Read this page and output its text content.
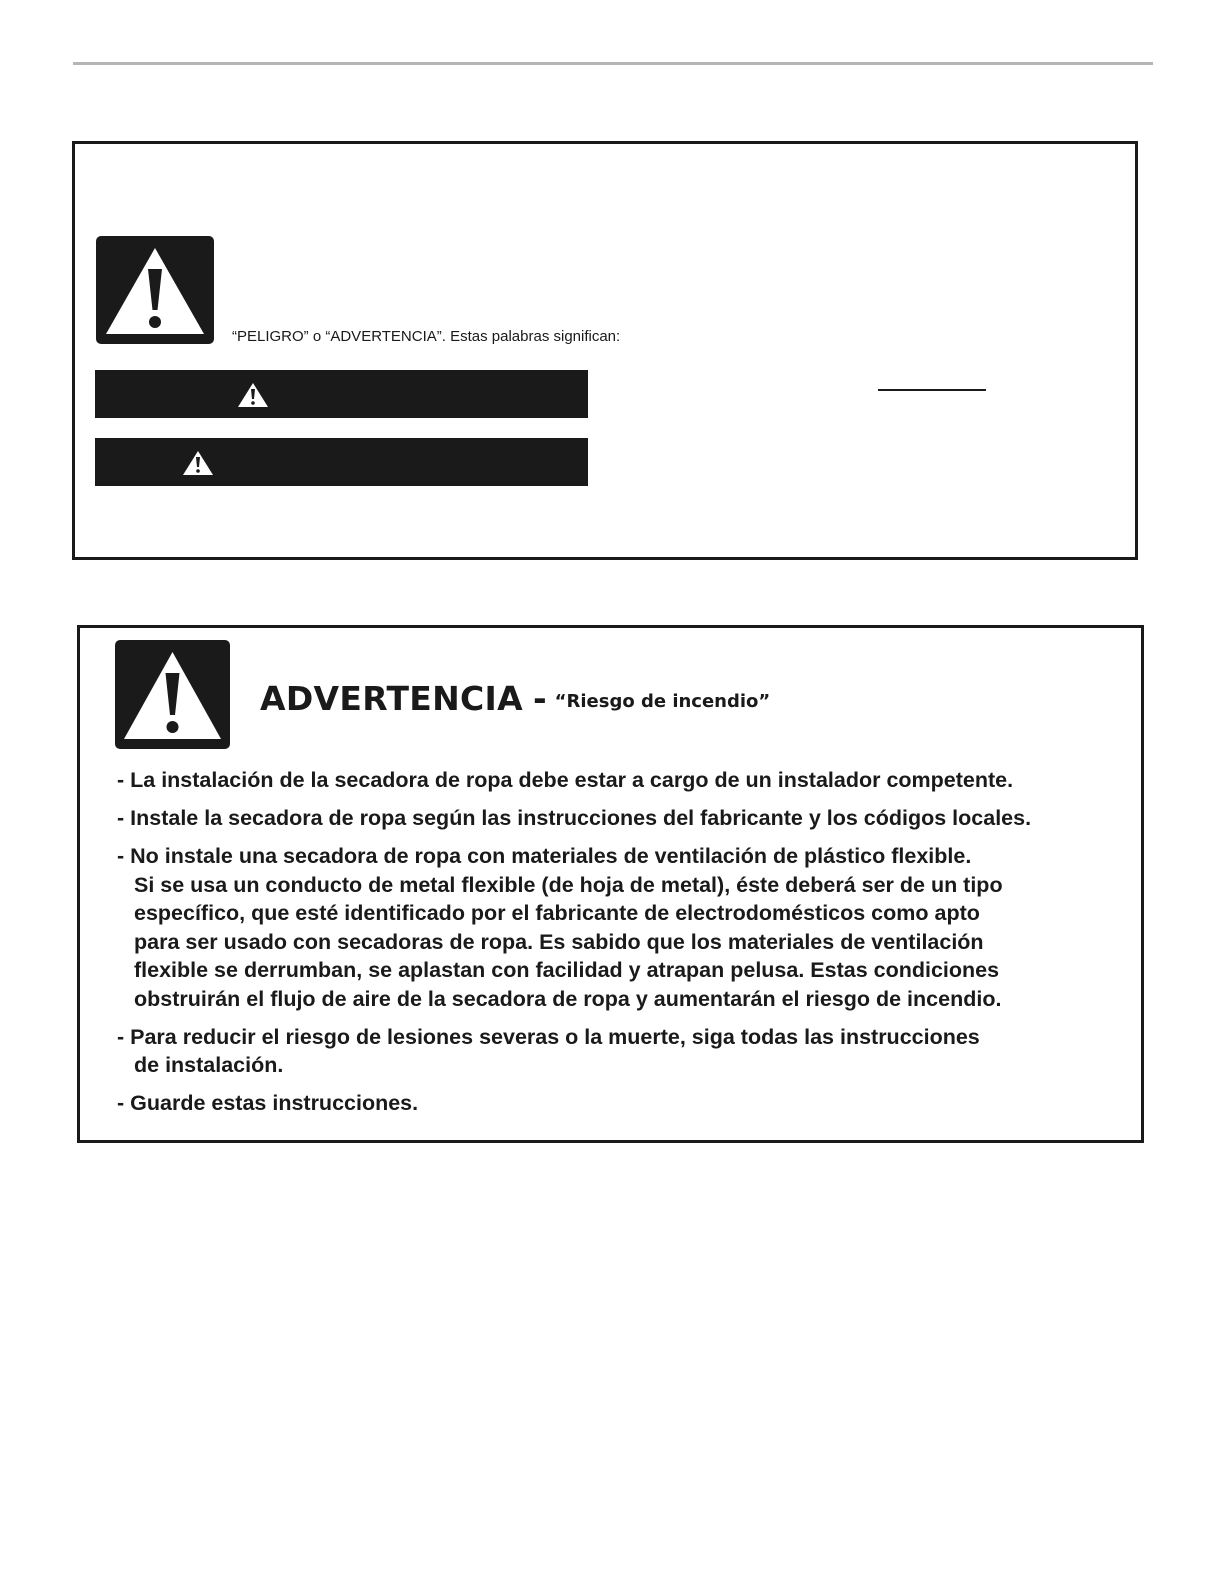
“PELIGRO” o “ADVERTENCIA”. Estas palabras significan:
ADVERTENCIA - “Riesgo de incendio”
- La instalación de la secadora de ropa debe estar a cargo de un instalador competente.
- Instale la secadora de ropa según las instrucciones del fabricante y los códigos locales.
- No instale una secadora de ropa con materiales de ventilación de plástico flexible.
Si se usa un conducto de metal flexible (de hoja de metal), éste deberá ser de un tipo
específico, que esté identificado por el fabricante de electrodomésticos como apto
para ser usado con secadoras de ropa. Es sabido que los materiales de ventilación
flexible se derrumban, se aplastan con facilidad y atrapan pelusa. Estas condiciones
obstruirán el flujo de aire de la secadora de ropa y aumentarán el riesgo de incendio.
- Para reducir el riesgo de lesiones severas o la muerte, siga todas las instrucciones
de instalación.
- Guarde estas instrucciones.
